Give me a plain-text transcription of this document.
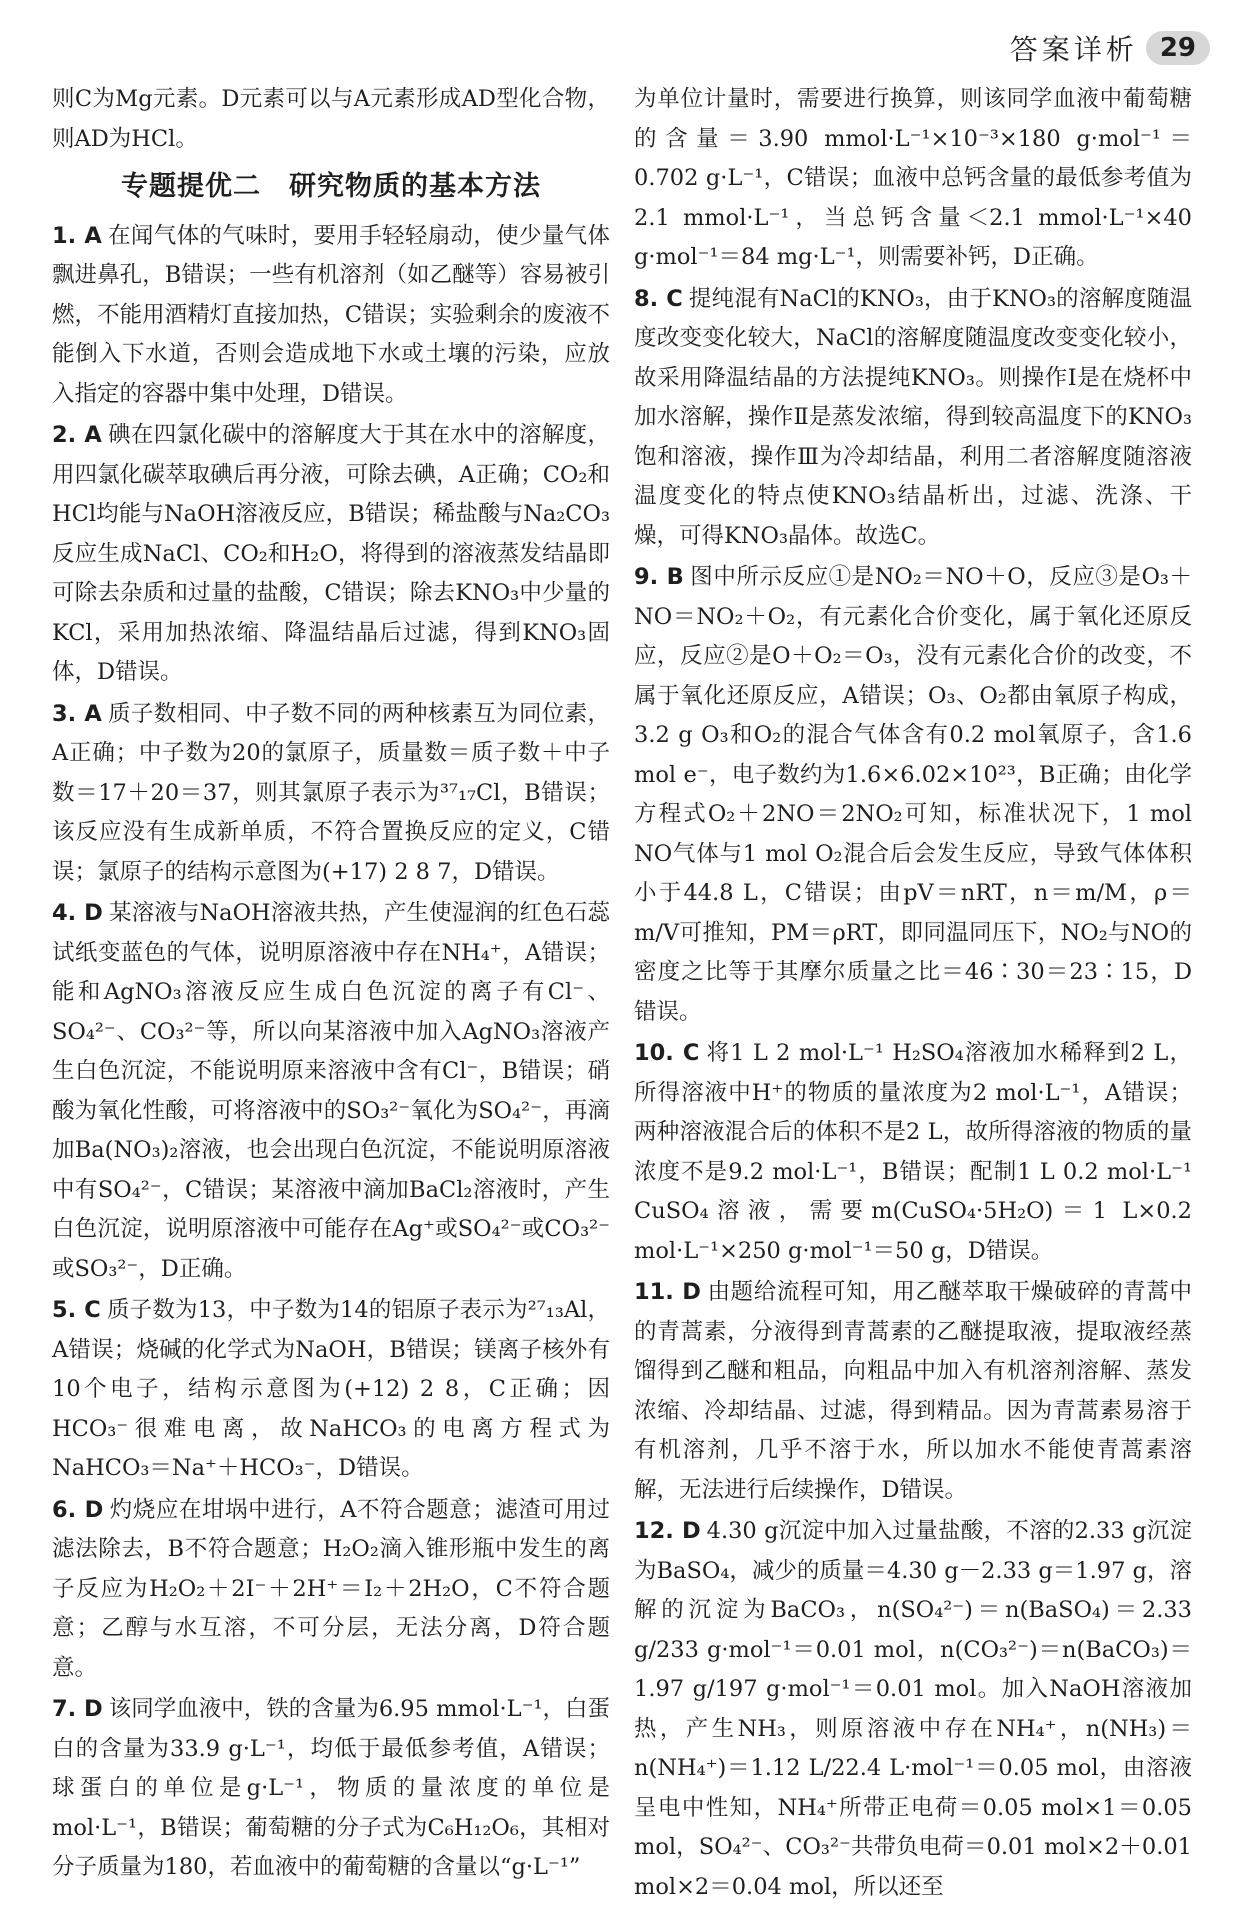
答案详析 29

则C为Mg元素。D元素可以与A元素形成AD型化合物，则AD为HCl。

专题提优二　研究物质的基本方法

1. A 在闻气体的气味时，要用手轻轻扇动，使少量气体飘进鼻孔，B错误；一些有机溶剂（如乙醚等）容易被引燃，不能用酒精灯直接加热，C错误；实验剩余的废液不能倒入下水道，否则会造成地下水或土壤的污染，应放入指定的容器中集中处理，D错误。

2. A 碘在四氯化碳中的溶解度大于其在水中的溶解度，用四氯化碳萃取碘后再分液，可除去碘，A正确；CO₂和HCl均能与NaOH溶液反应，B错误；稀盐酸与Na₂CO₃反应生成NaCl、CO₂和H₂O，将得到的溶液蒸发结晶即可除去杂质和过量的盐酸，C错误；除去KNO₃中少量的KCl，采用加热浓缩、降温结晶后过滤，得到KNO₃固体，D错误。

3. A 质子数相同、中子数不同的两种核素互为同位素，A正确；中子数为20的氯原子，质量数＝质子数＋中子数＝17＋20＝37，则其氯原子表示为³⁷₁₇Cl，B错误；该反应没有生成新单质，不符合置换反应的定义，C错误；氯原子的结构示意图为(+17) 2 8 7，D错误。

4. D 某溶液与NaOH溶液共热，产生使湿润的红色石蕊试纸变蓝色的气体，说明原溶液中存在NH₄⁺，A错误；能和AgNO₃溶液反应生成白色沉淀的离子有Cl⁻、SO₄²⁻、CO₃²⁻等，所以向某溶液中加入AgNO₃溶液产生白色沉淀，不能说明原来溶液中含有Cl⁻，B错误；硝酸为氧化性酸，可将溶液中的SO₃²⁻氧化为SO₄²⁻，再滴加Ba(NO₃)₂溶液，也会出现白色沉淀，不能说明原溶液中有SO₄²⁻，C错误；某溶液中滴加BaCl₂溶液时，产生白色沉淀，说明原溶液中可能存在Ag⁺或SO₄²⁻或CO₃²⁻或SO₃²⁻，D正确。

5. C 质子数为13，中子数为14的铝原子表示为²⁷₁₃Al，A错误；烧碱的化学式为NaOH，B错误；镁离子核外有10个电子，结构示意图为(+12) 2 8，C正确；因HCO₃⁻很难电离，故NaHCO₃的电离方程式为NaHCO₃＝Na⁺＋HCO₃⁻，D错误。

6. D 灼烧应在坩埚中进行，A不符合题意；滤渣可用过滤法除去，B不符合题意；H₂O₂滴入锥形瓶中发生的离子反应为H₂O₂＋2I⁻＋2H⁺＝I₂＋2H₂O，C不符合题意；乙醇与水互溶，不可分层，无法分离，D符合题意。

7. D 该同学血液中，铁的含量为6.95 mmol·L⁻¹，白蛋白的含量为33.9 g·L⁻¹，均低于最低参考值，A错误；球蛋白的单位是g·L⁻¹，物质的量浓度的单位是mol·L⁻¹，B错误；葡萄糖的分子式为C₆H₁₂O₆，其相对分子质量为180，若血液中的葡萄糖的含量以“g·L⁻¹”

为单位计量时，需要进行换算，则该同学血液中葡萄糖的含量＝3.90 mmol·L⁻¹×10⁻³×180 g·mol⁻¹＝0.702 g·L⁻¹，C错误；血液中总钙含量的最低参考值为2.1 mmol·L⁻¹，当总钙含量＜2.1 mmol·L⁻¹×40 g·mol⁻¹＝84 mg·L⁻¹，则需要补钙，D正确。

8. C 提纯混有NaCl的KNO₃，由于KNO₃的溶解度随温度改变变化较大，NaCl的溶解度随温度改变变化较小，故采用降温结晶的方法提纯KNO₃。则操作Ⅰ是在烧杯中加水溶解，操作Ⅱ是蒸发浓缩，得到较高温度下的KNO₃饱和溶液，操作Ⅲ为冷却结晶，利用二者溶解度随溶液温度变化的特点使KNO₃结晶析出，过滤、洗涤、干燥，可得KNO₃晶体。故选C。

9. B 图中所示反应①是NO₂＝NO＋O，反应③是O₃＋NO＝NO₂＋O₂，有元素化合价变化，属于氧化还原反应，反应②是O＋O₂＝O₃，没有元素化合价的改变，不属于氧化还原反应，A错误；O₃、O₂都由氧原子构成，3.2 g O₃和O₂的混合气体含有0.2 mol氧原子，含1.6 mol e⁻，电子数约为1.6×6.02×10²³，B正确；由化学方程式O₂＋2NO＝2NO₂可知，标准状况下，1 mol NO气体与1 mol O₂混合后会发生反应，导致气体体积小于44.8 L，C错误；由pV＝nRT，n＝m/M，ρ＝m/V可推知，PM＝ρRT，即同温同压下，NO₂与NO的密度之比等于其摩尔质量之比＝46∶30＝23∶15，D错误。

10. C 将1 L 2 mol·L⁻¹ H₂SO₄溶液加水稀释到2 L，所得溶液中H⁺的物质的量浓度为2 mol·L⁻¹，A错误；两种溶液混合后的体积不是2 L，故所得溶液的物质的量浓度不是9.2 mol·L⁻¹，B错误；配制1 L 0.2 mol·L⁻¹ CuSO₄溶液，需要m(CuSO₄·5H₂O)＝1 L×0.2 mol·L⁻¹×250 g·mol⁻¹＝50 g，D错误。

11. D 由题给流程可知，用乙醚萃取干燥破碎的青蒿中的青蒿素，分液得到青蒿素的乙醚提取液，提取液经蒸馏得到乙醚和粗品，向粗品中加入有机溶剂溶解、蒸发浓缩、冷却结晶、过滤，得到精品。因为青蒿素易溶于有机溶剂，几乎不溶于水，所以加水不能使青蒿素溶解，无法进行后续操作，D错误。

12. D 4.30 g沉淀中加入过量盐酸，不溶的2.33 g沉淀为BaSO₄，减少的质量＝4.30 g－2.33 g＝1.97 g，溶解的沉淀为BaCO₃，n(SO₄²⁻)＝n(BaSO₄)＝2.33 g/233 g·mol⁻¹＝0.01 mol，n(CO₃²⁻)＝n(BaCO₃)＝1.97 g/197 g·mol⁻¹＝0.01 mol。加入NaOH溶液加热，产生NH₃，则原溶液中存在NH₄⁺，n(NH₃)＝n(NH₄⁺)＝1.12 L/22.4 L·mol⁻¹＝0.05 mol，由溶液呈电中性知，NH₄⁺所带正电荷＝0.05 mol×1＝0.05 mol，SO₄²⁻、CO₃²⁻共带负电荷＝0.01 mol×2＋0.01 mol×2＝0.04 mol，所以还至
